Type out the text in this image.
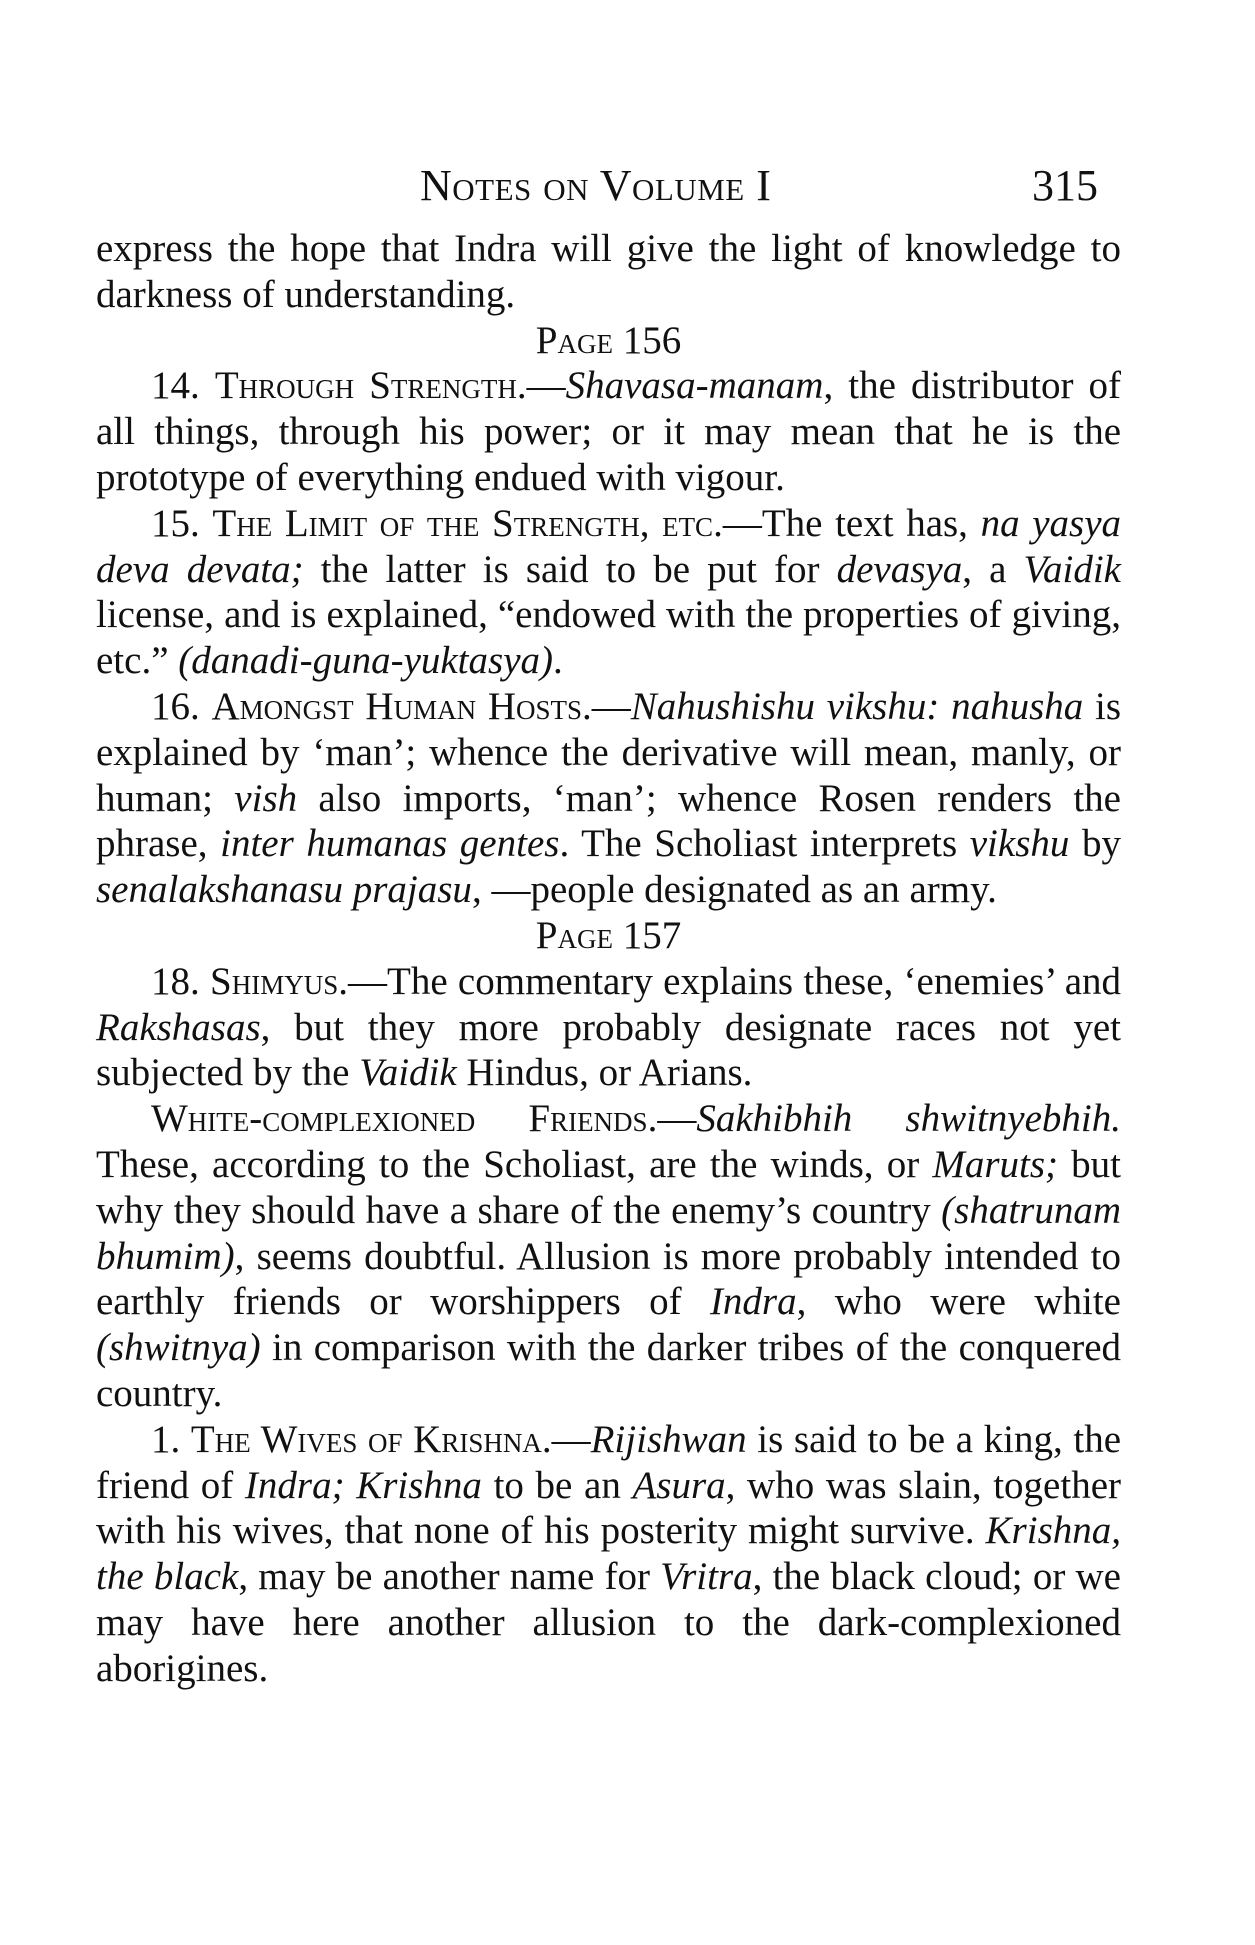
Notes on Volume I	315

express the hope that Indra will give the light of knowledge to darkness of understanding.

Page 156

14. Through Strength.—Shavasa-manam, the distributor of all things, through his power; or it may mean that he is the prototype of everything endued with vigour.

15. The Limit of the Strength, etc.—The text has, na yasya deva devata; the latter is said to be put for devasya, a Vaidik license, and is explained, “endowed with the properties of giving, etc.” (danadi-guna-yuktasya).

16. Amongst Human Hosts.—Nahushishu vikshu: nahusha is explained by ‘man’; whence the derivative will mean, manly, or human; vish also imports, ‘man’; whence Rosen renders the phrase, inter humanas gentes. The Scholiast interprets vikshu by senalakshanasu prajasu, —people designated as an army.

Page 157

18. Shimyus.—The commentary explains these, ‘enemies’ and Rakshasas, but they more probably designate races not yet subjected by the Vaidik Hindus, or Arians.

White-complexioned Friends.—Sakhibhih shwitnyebhih. These, according to the Scholiast, are the winds, or Maruts; but why they should have a share of the enemy’s country (shatrunam bhumim), seems doubtful. Allusion is more probably intended to earthly friends or worshippers of Indra, who were white (shwitnya) in comparison with the darker tribes of the conquered country.

1. The Wives of Krishna.—Rijishwan is said to be a king, the friend of Indra; Krishna to be an Asura, who was slain, together with his wives, that none of his posterity might survive. Krishna, the black, may be another name for Vritra, the black cloud; or we may have here another allusion to the dark-complexioned aborigines.
